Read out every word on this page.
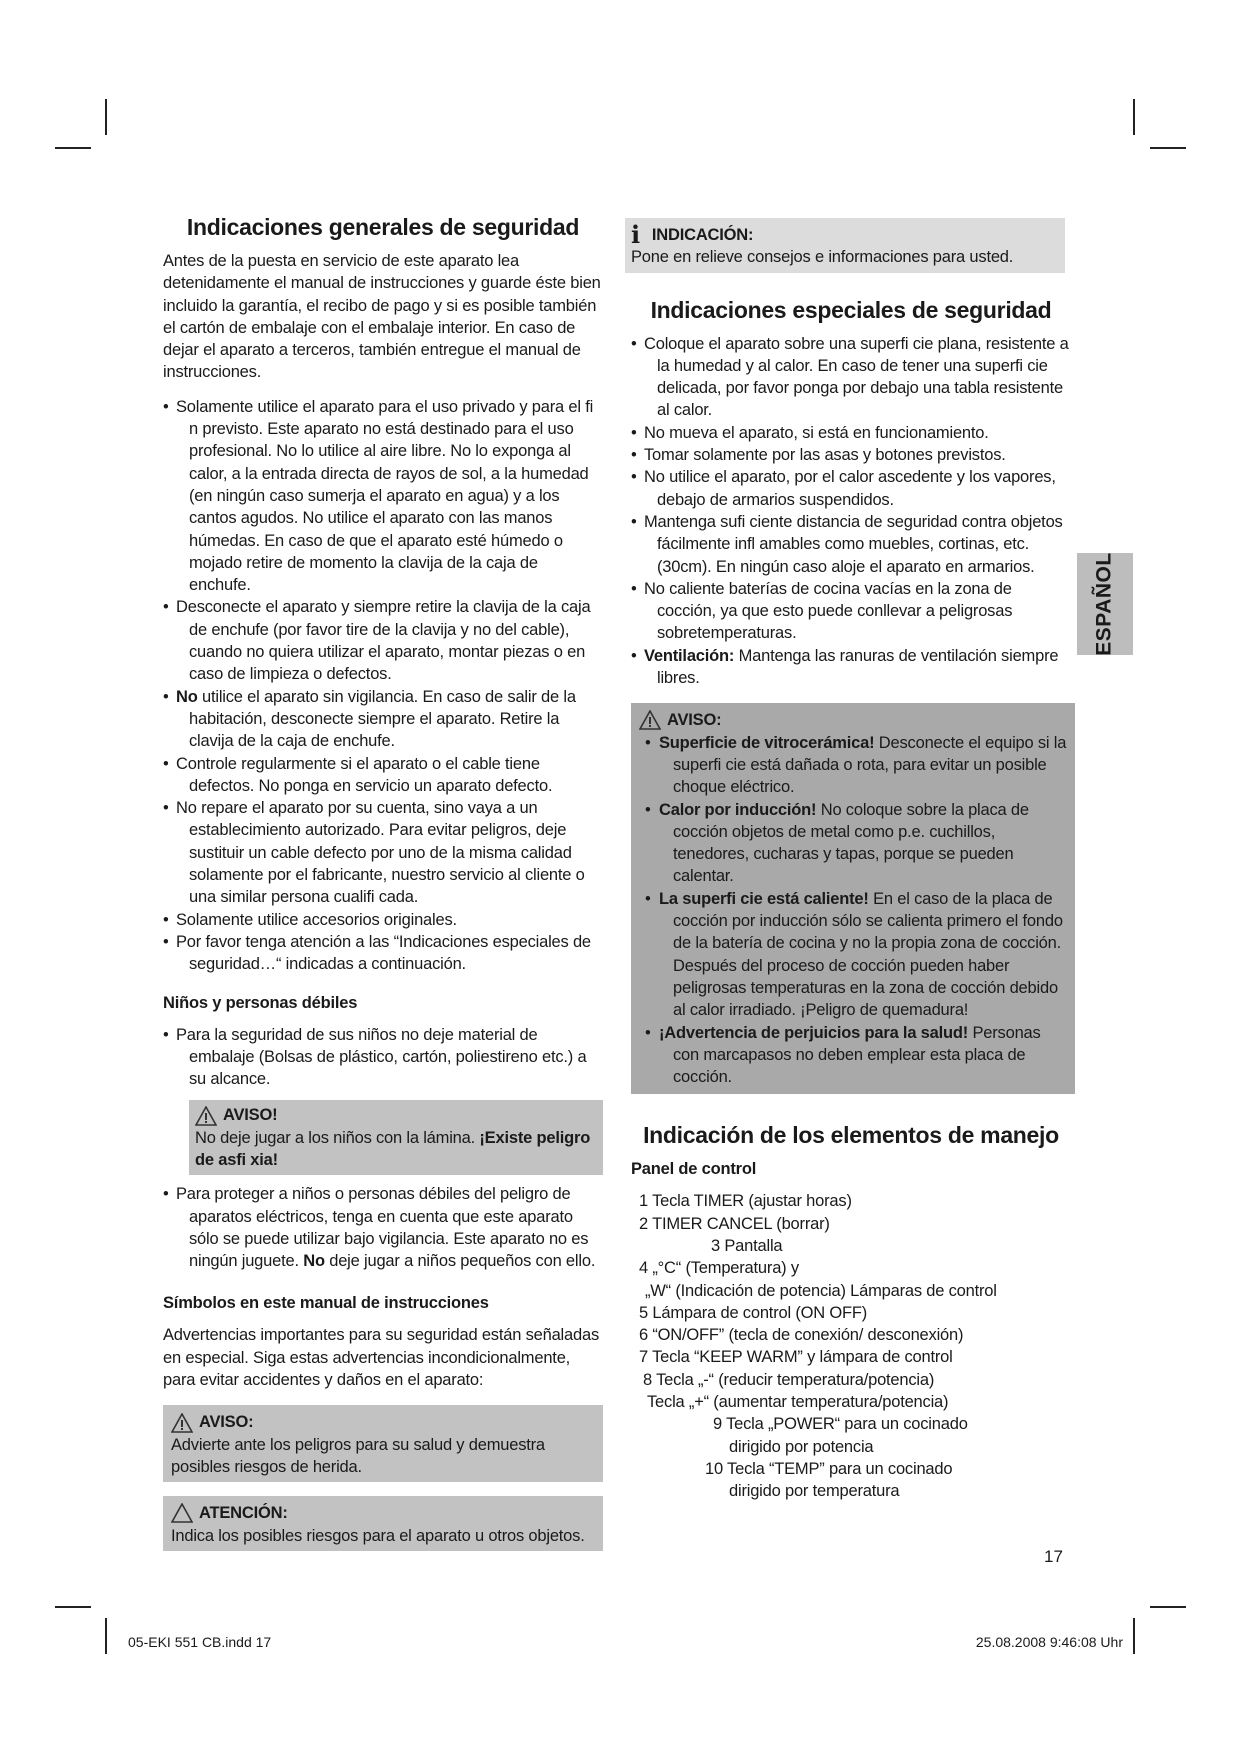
Indicaciones generales de seguridad

Antes de la puesta en servicio de este aparato lea detenidamente el manual de instrucciones y guarde éste bien incluido la garantía, el recibo de pago y si es posible también el cartón de embalaje con el embalaje interior. En caso de dejar el aparato a terceros, también entregue el manual de instrucciones.

• Solamente utilice el aparato para el uso privado y para el fi n previsto. Este aparato no está destinado para el uso profesional. No lo utilice al aire libre. No lo exponga al calor, a la entrada directa de rayos de sol, a la humedad (en ningún caso sumerja el aparato en agua) y a los cantos agudos. No utilice el aparato con las manos húmedas. En caso de que el aparato esté húmedo o mojado retire de momento la clavija de la caja de enchufe.
• Desconecte el aparato y siempre retire la clavija de la caja de enchufe (por favor tire de la clavija y no del cable), cuando no quiera utilizar el aparato, montar piezas o en caso de limpieza o defectos.
• No utilice el aparato sin vigilancia. En caso de salir de la habitación, desconecte siempre el aparato. Retire la clavija de la caja de enchufe.
• Controle regularmente si el aparato o el cable tiene defectos. No ponga en servicio un aparato defecto.
• No repare el aparato por su cuenta, sino vaya a un establecimiento autorizado. Para evitar peligros, deje sustituir un cable defecto por uno de la misma calidad solamente por el fabricante, nuestro servicio al cliente o una similar persona cualifi cada.
• Solamente utilice accesorios originales.
• Por favor tenga atención a las “Indicaciones especiales de seguridad…“ indicadas a continuación.
Niños y personas débiles
• Para la seguridad de sus niños no deje material de embalaje (Bolsas de plástico, cartón, poliestireno etc.) a su alcance.
AVISO!

No deje jugar a los niños con la lámina. ¡Existe peligro de asfi xia!

• Para proteger a niños o personas débiles del peligro de aparatos eléctricos, tenga en cuenta que este aparato sólo se puede utilizar bajo vigilancia. Este aparato no es ningún juguete. No deje jugar a niños pequeños con ello.
Símbolos en este manual de instrucciones

Advertencias importantes para su seguridad están señaladas en especial. Siga estas advertencias incondicionalmente, para evitar accidentes y daños en el aparato:

AVISO:

Advierte ante los peligros para su salud y demuestra posibles riesgos de herida.

ATENCIÓN:

Indica los posibles riesgos para el aparato u otros objetos.

i INDICACIÓN:

Pone en relieve consejos e informaciones para usted.

Indicaciones especiales de seguridad
• Coloque el aparato sobre una superfi cie plana, resistente a la humedad y al calor. En caso de tener una superfi cie delicada, por favor ponga por debajo una tabla resistente al calor.
• No mueva el aparato, si está en funcionamiento.
• Tomar solamente por las asas y botones previstos.
• No utilice el aparato, por el calor ascedente y los vapores, debajo de armarios suspendidos.
• Mantenga sufi ciente distancia de seguridad contra objetos fácilmente infl amables como muebles, cortinas, etc. (30cm). En ningún caso aloje el aparato en armarios.
• No caliente baterías de cocina vacías en la zona de cocción, ya que esto puede conllevar a peligrosas sobretemperaturas.
• Ventilación: Mantenga las ranuras de ventilación siempre libres.
AVISO:
• Superficie de vitrocerámica! Desconecte el equipo si la superfi cie está dañada o rota, para evitar un posible choque eléctrico.
• Calor por inducción! No coloque sobre la placa de cocción objetos de metal como p.e. cuchillos, tenedores, cucharas y tapas, porque se pueden calentar.
• La superfi cie está caliente! En el caso de la placa de cocción por inducción sólo se calienta primero el fondo de la batería de cocina y no la propia zona de cocción. Después del proceso de cocción pueden haber peligrosas temperaturas en la zona de cocción debido al calor irradiado. ¡Peligro de quemadura!
• ¡Advertencia de perjuicios para la salud! Personas con marcapasos no deben emplear esta placa de cocción.
Indicación de los elementos de manejo
Panel de control
1 Tecla TIMER (ajustar horas)
2 TIMER CANCEL (borrar)
3 Pantalla
4 „°C“ (Temperatura) y
„W“ (Indicación de potencia) Lámparas de control
5 Lámpara de control (ON OFF)
6 “ON/OFF” (tecla de conexión/ desconexión)
7 Tecla “KEEP WARM” y lámpara de control
8 Tecla „-“ (reducir temperatura/potencia)
Tecla „+“ (aumentar temperatura/potencia)
9 Tecla „POWER“ para un cocinado
dirigido por potencia
10 Tecla “TEMP” para un cocinado
dirigido por temperatura
ESPAÑOL
17
05-EKI 551 CB.indd 17	25.08.2008 9:46:08 Uhr
